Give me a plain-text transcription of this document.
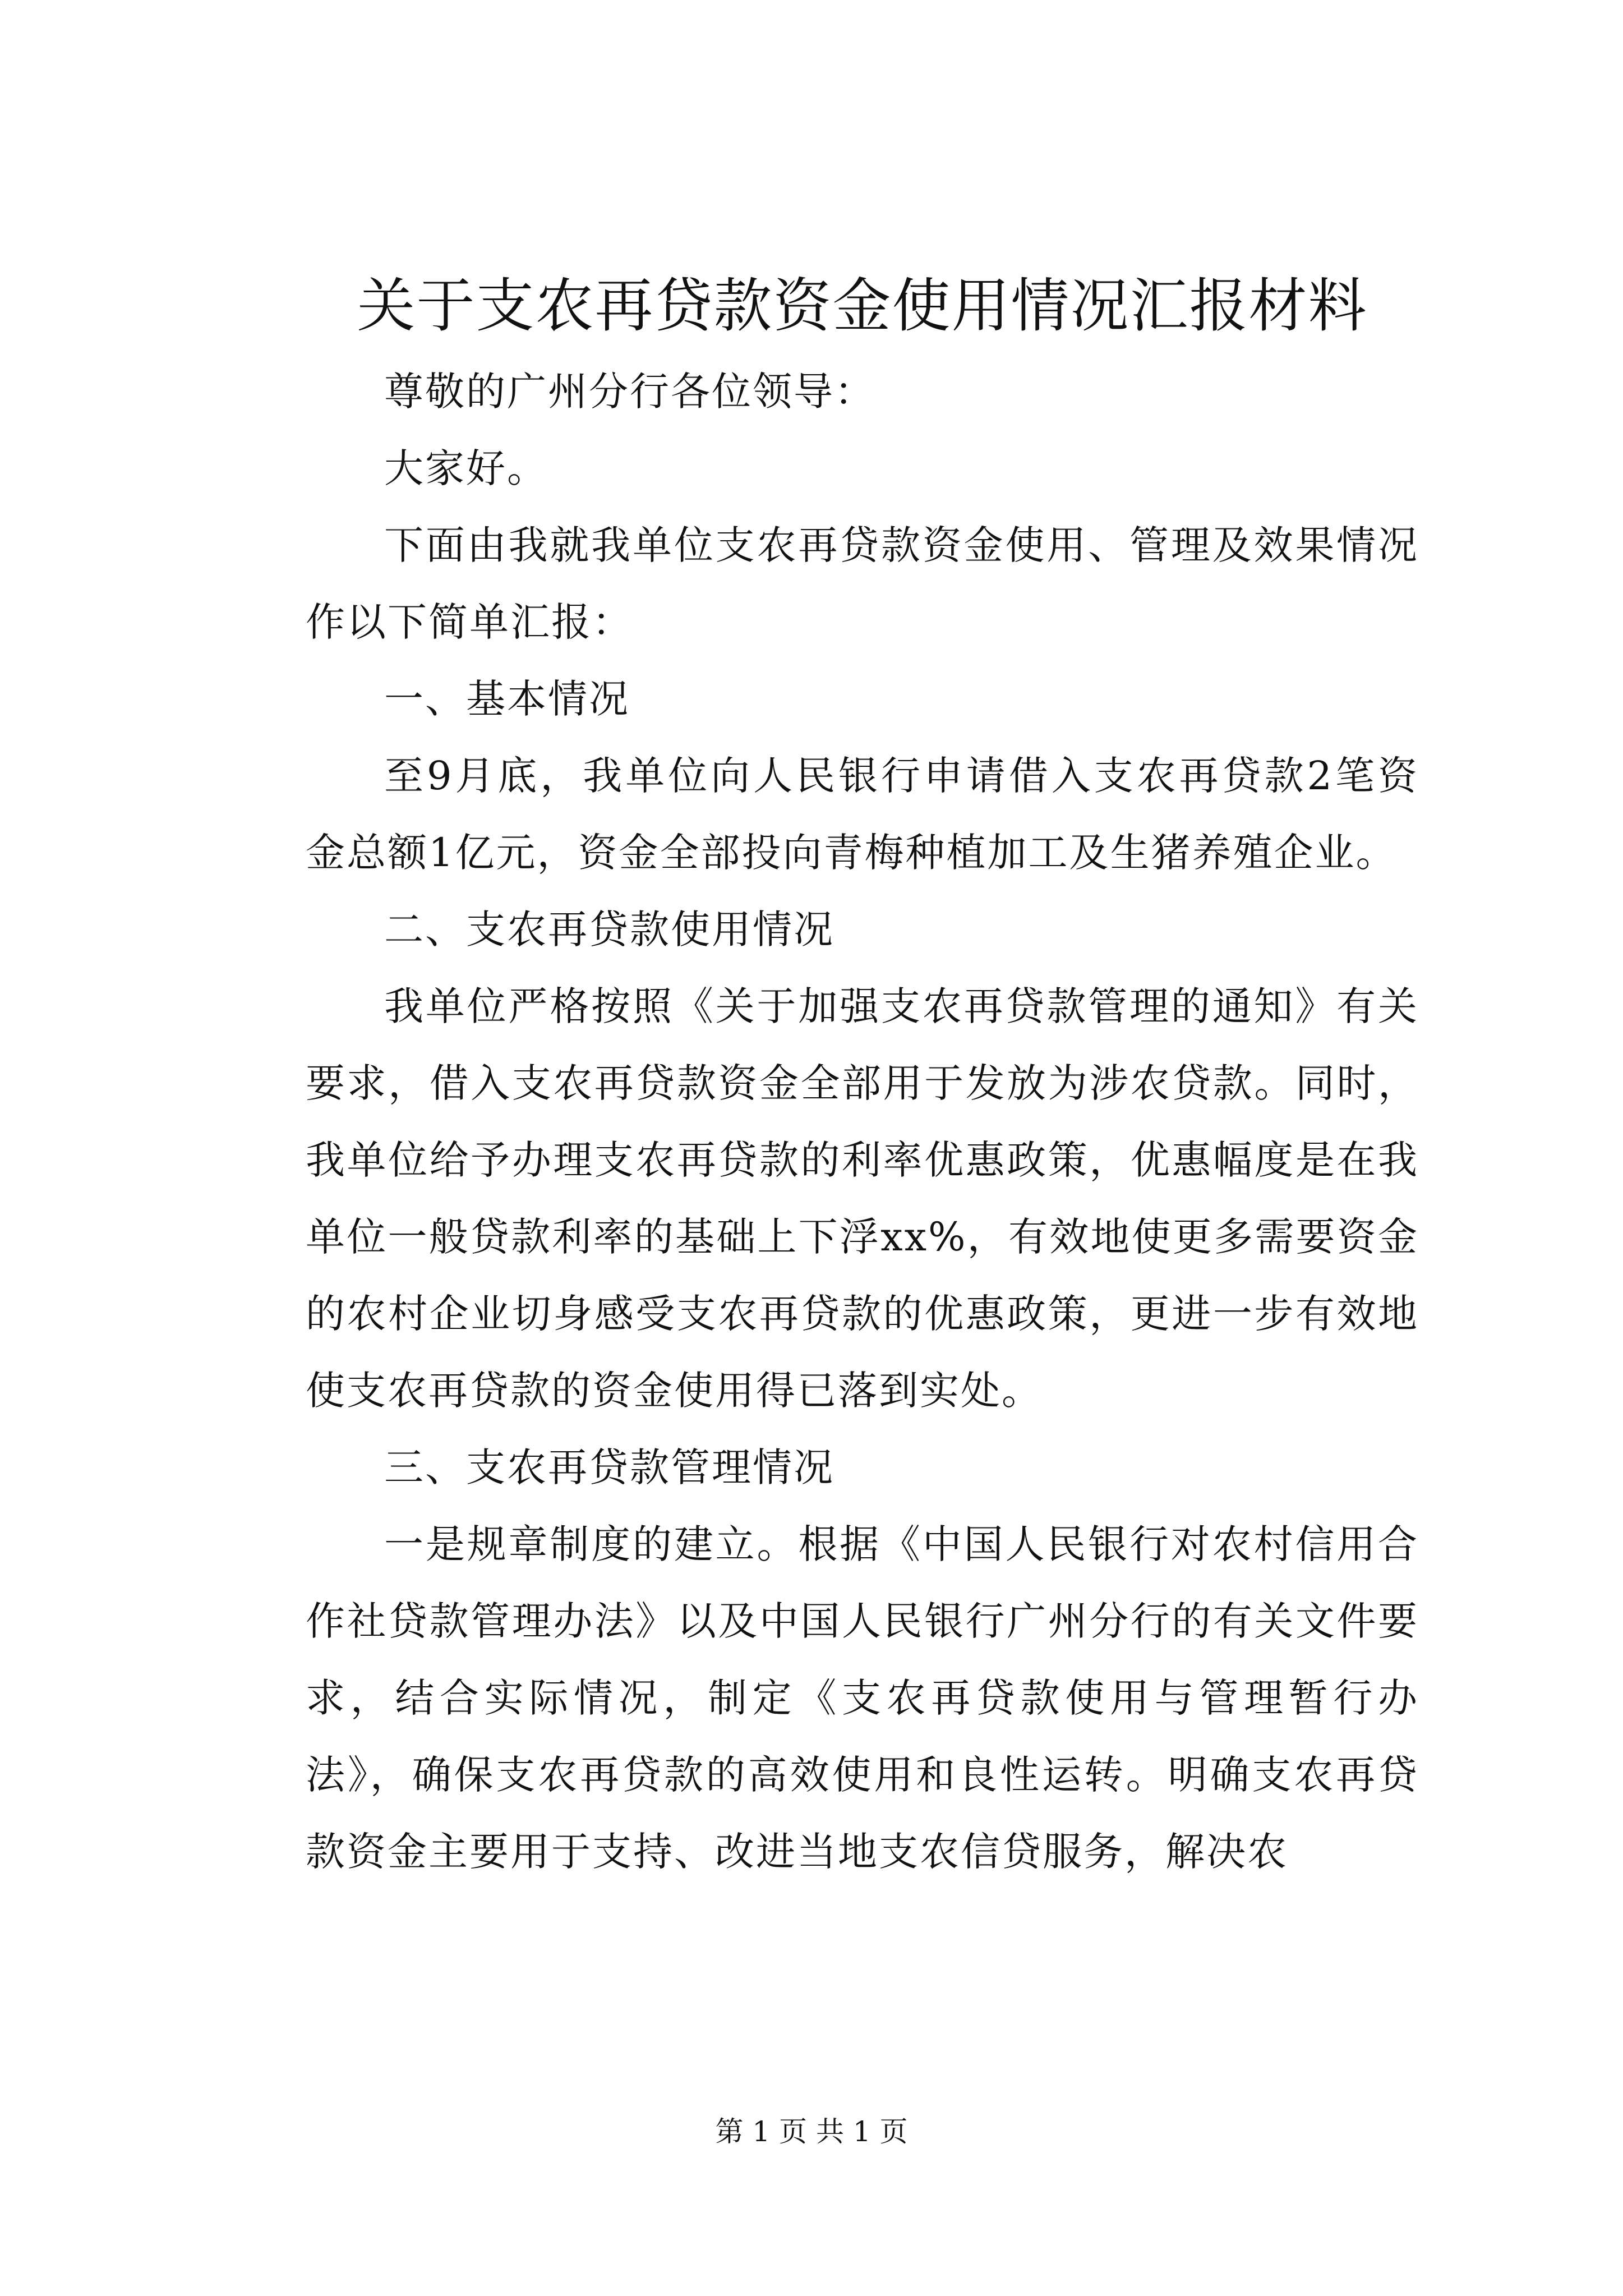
关于支农再贷款资金使用情况汇报材料

尊敬的广州分行各位领导：

大家好。

下面由我就我单位支农再贷款资金使用、管理及效果情况作以下简单汇报：

一、基本情况

至9月底，我单位向人民银行申请借入支农再贷款2笔资金总额1亿元，资金全部投向青梅种植加工及生猪养殖企业。

二、支农再贷款使用情况

我单位严格按照《关于加强支农再贷款管理的通知》有关要求，借入支农再贷款资金全部用于发放为涉农贷款。同时，我单位给予办理支农再贷款的利率优惠政策，优惠幅度是在我单位一般贷款利率的基础上下浮xx%，有效地使更多需要资金的农村企业切身感受支农再贷款的优惠政策，更进一步有效地使支农再贷款的资金使用得已落到实处。

三、支农再贷款管理情况

一是规章制度的建立。根据《中国人民银行对农村信用合作社贷款管理办法》以及中国人民银行广州分行的有关文件要求，结合实际情况，制定《支农再贷款使用与管理暂行办法》，确保支农再贷款的高效使用和良性运转。明确支农再贷款资金主要用于支持、改进当地支农信贷服务，解决农

第 1 页 共 1 页
